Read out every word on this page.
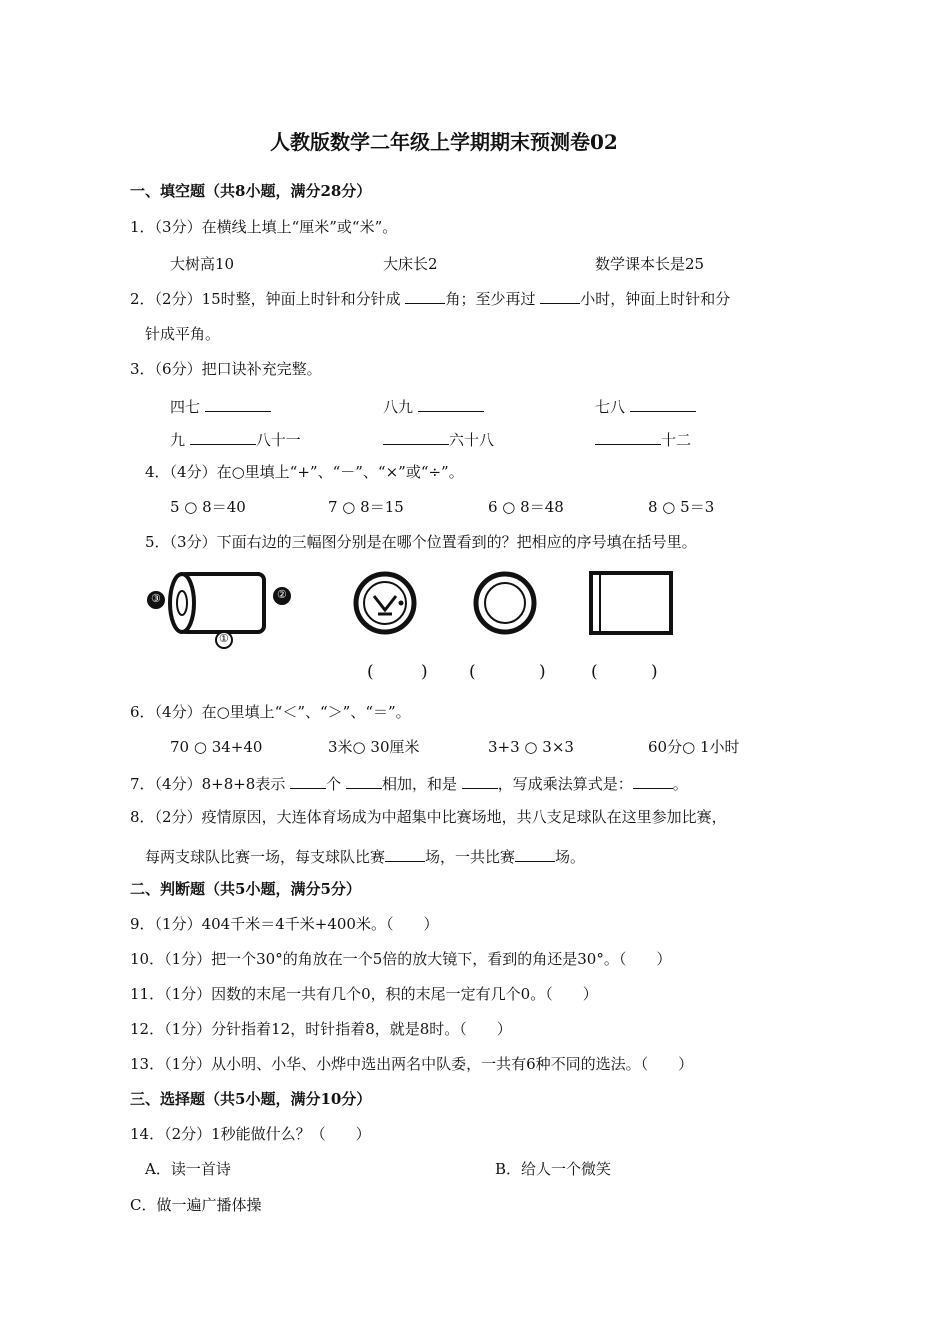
人教版数学二年级上学期期末预测卷02
一、填空题（共8小题，满分28分）
1．（3分）在横线上填上“厘米”或“米”。
大树高10	大床长2	数学课本长是25
2．（2分）15时整，钟面上时针和分针成	角；至少再过	小时，钟面上时针和分
针成平角。
3．（6分）把口诀补充完整。
四七	八九	七八
九	八十一	六十八	十二
4．（4分）在○里填上“+”、“－”、“×”或“÷”。
5 ○ 8＝40	7 ○ 8＝15	6 ○ 8＝48	8 ○ 5＝3
5．（3分）下面右边的三幅图分别是在哪个位置看到的？把相应的序号填在括号里。
③	②
①
(	) (	)	(	)
6．（4分）在○里填上“＜”、“＞”、“＝”。
70 ○ 34+40	3米○ 30厘米	3+3 ○ 3×3	60分○ 1小时
7．（4分）8+8+8表示	个	相加，和是	，写成乘法算式是：	。
8．（2分）疫情原因，大连体育场成为中超集中比赛场地，共八支足球队在这里参加比赛，
每两支球队比赛一场，每支球队比赛	场，一共比赛	场。
二、判断题（共5小题，满分5分）
9．（1分）404千米＝4千米+400米。（　　）
10．（1分）把一个30°的角放在一个5倍的放大镜下，看到的角还是30°。（　　）
11．（1分）因数的末尾一共有几个0，积的末尾一定有几个0。（　　）
12．（1分）分针指着12，时针指着8，就是8时。（　　）
13．（1分）从小明、小华、小烨中选出两名中队委，一共有6种不同的选法。（　　）
三、选择题（共5小题，满分10分）
14．（2分）1秒能做什么？（　　）
A．读一首诗	B．给人一个微笑
C．做一遍广播体操
